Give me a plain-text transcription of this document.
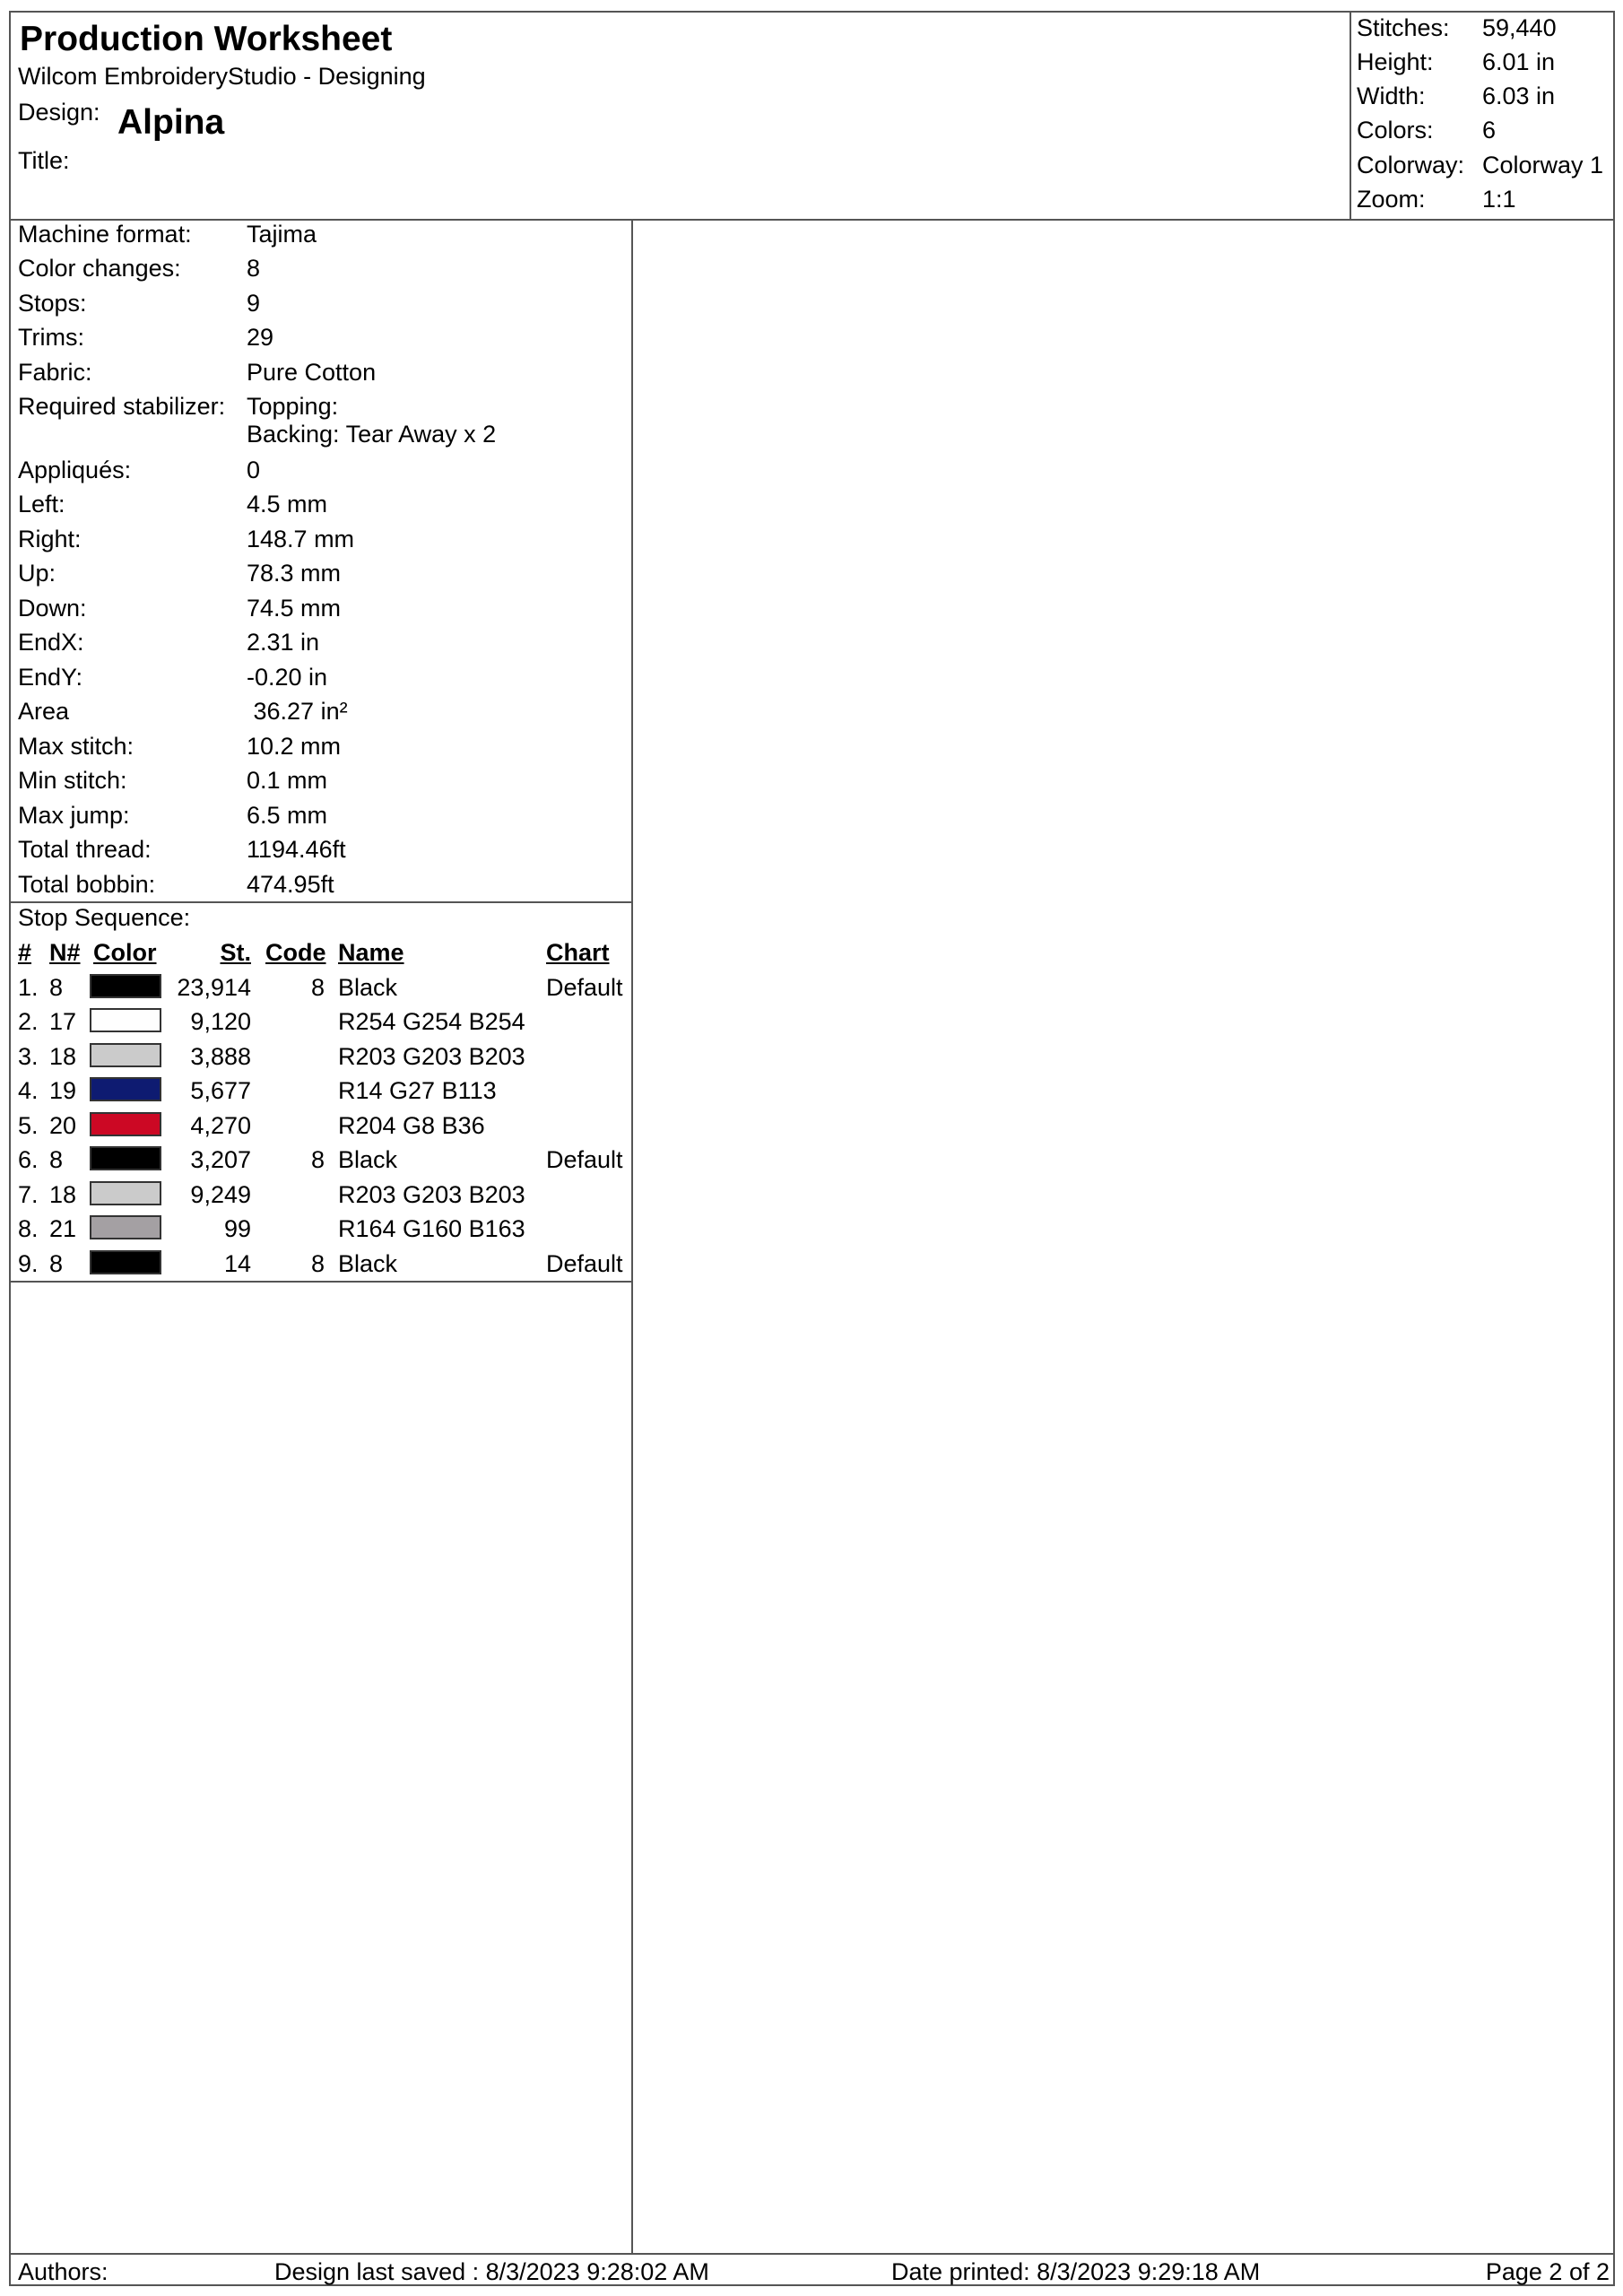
Production Worksheet
Wilcom EmbroideryStudio - Designing
Design: Alpina
Title:
Stitches: 59,440
Height: 6.01 in
Width: 6.03 in
Colors: 6
Colorway: Colorway 1
Zoom: 1:1
Machine format: Tajima
Color changes:	8
Stops:	9
Trims:	29
Fabric:	Pure Cotton
Required stabilizer: Topping:
Backing: Tear Away x 2
Appliqués:	0
Left:	4.5 mm
Right:	148.7 mm
Up:	78.3 mm
Down:	74.5 mm
EndX:	2.31 in
EndY:	-0.20 in
Area	36.27 in²
Max stitch:	10.2 mm
Min stitch:	0.1 mm
Max jump:	6.5 mm
Total thread:	1194.46ft
Total bobbin:	474.95ft
Stop Sequence:
# N# Color	St. Code Name	Chart
1. 8	23,914	8 Black	Default
2. 17	9,120	R254 G254 B254
3. 18	3,888	R203 G203 B203
4. 19	5,677	R14 G27 B113
5. 20	4,270	R204 G8 B36
6. 8	3,207	8 Black	Default
7. 18	9,249	R203 G203 B203
8. 21	99	R164 G160 B163
9. 8	14	8 Black	Default
Authors:	Design last saved : 8/3/2023 9:28:02 AM	Date printed: 8/3/2023 9:29:18 AM	Page 2 of 2
